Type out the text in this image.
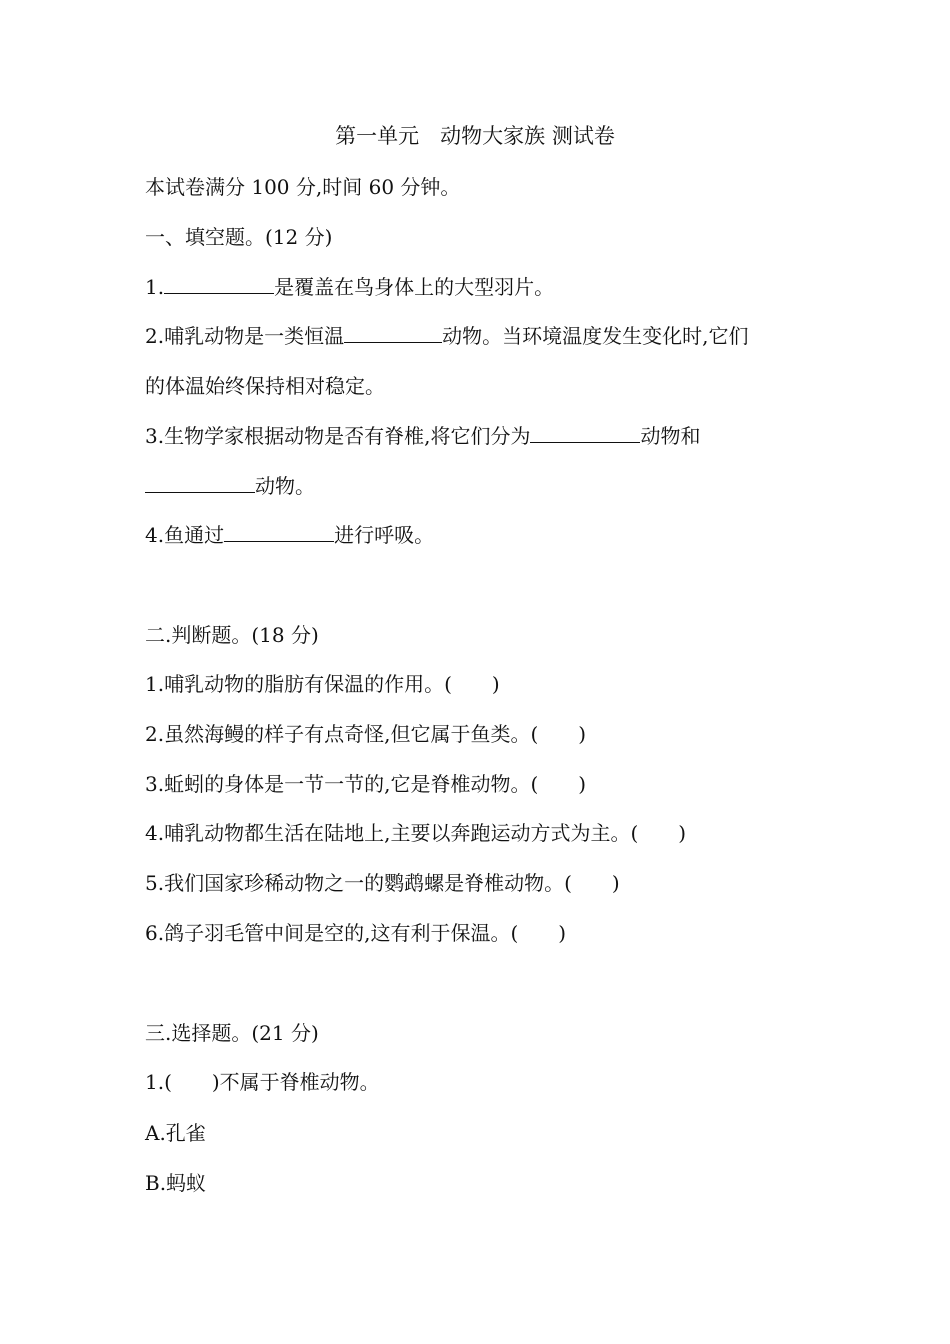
第一单元　动物大家族 测试卷
本试卷满分 100 分,时间 60 分钟。
一、填空题。(12 分)
1.	是覆盖在鸟身体上的大型羽片。
2.哺乳动物是一类恒温	动物。当环境温度发生变化时,它们
的体温始终保持相对稳定。
3.生物学家根据动物是否有脊椎,将它们分为	动物和
动物。
4.鱼通过	进行呼吸。
二.判断题。(18 分)
1.哺乳动物的脂肪有保温的作用。(　　)
2.虽然海鳗的样子有点奇怪,但它属于鱼类。(　　)
3.蚯蚓的身体是一节一节的,它是脊椎动物。(　　)
4.哺乳动物都生活在陆地上,主要以奔跑运动方式为主。(　　)
5.我们国家珍稀动物之一的鹦鹉螺是脊椎动物。(　　)
6.鸽子羽毛管中间是空的,这有利于保温。(　　)
三.选择题。(21 分)
1.(　　)不属于脊椎动物。
A.孔雀
B.蚂蚁
